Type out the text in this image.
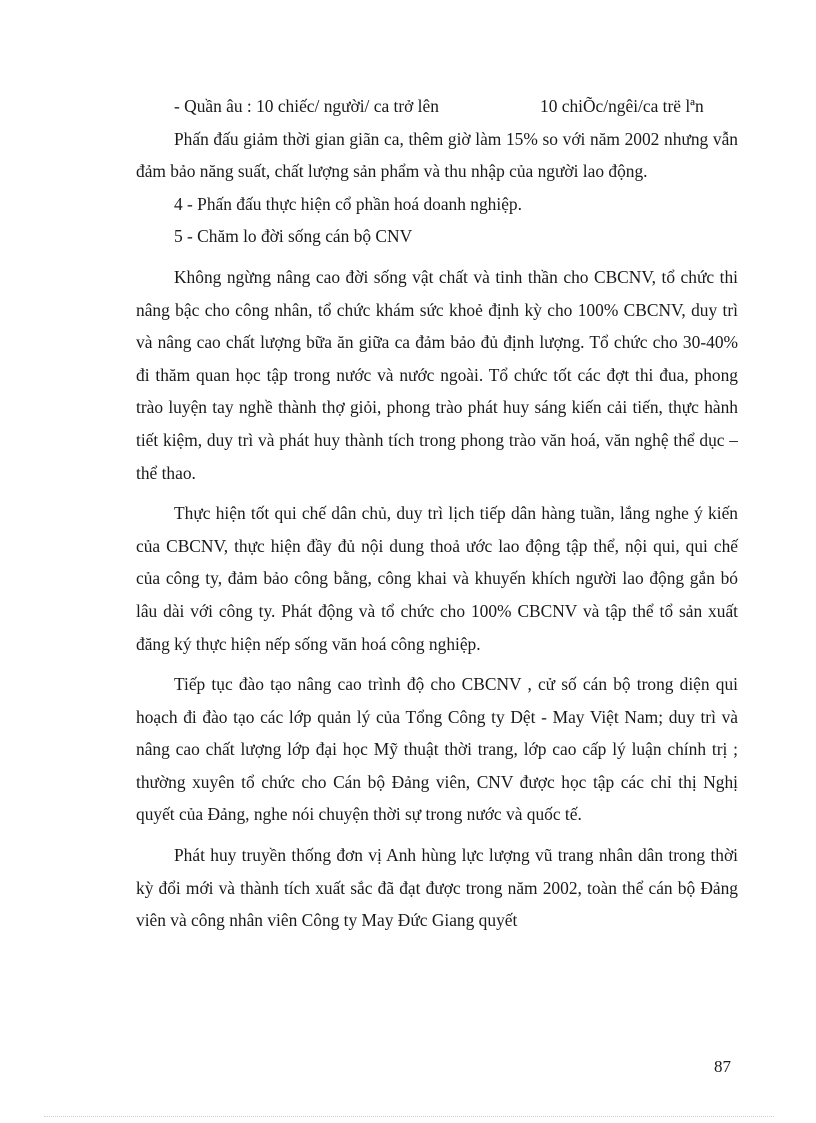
- Quần âu : 10 chiếc/ người/ ca trở lên	10 chiÕc/ngêi/ca trë lªn

Phấn đấu giảm thời gian giãn ca, thêm giờ làm 15% so với năm 2002 nhưng vẫn đảm bảo năng suất, chất lượng sản phẩm và thu nhập của người lao động.

4 - Phấn đấu thực hiện cổ phần hoá doanh nghiệp.

5 - Chăm lo đời sống cán bộ CNV

Không ngừng nâng cao đời sống vật chất và tinh thần cho CBCNV, tổ chức thi nâng bậc cho công nhân, tổ chức khám sức khoẻ định kỳ cho 100% CBCNV, duy trì và nâng cao chất lượng bữa ăn giữa ca đảm bảo đủ định lượng. Tổ chức cho 30-40% đi thăm quan học tập trong nước và nước ngoài. Tổ chức tốt các đợt thi đua, phong trào luyện tay nghề thành thợ giỏi, phong trào phát huy sáng kiến cải tiến, thực hành tiết kiệm, duy trì và phát huy thành tích trong phong trào văn hoá, văn nghệ thể dục – thể thao.

Thực hiện tốt qui chế dân chủ, duy trì lịch tiếp dân hàng tuần, lắng nghe ý kiến của CBCNV, thực hiện đầy đủ nội dung thoả ước lao động tập thể, nội qui, qui chế của công ty, đảm bảo công bằng, công khai và khuyến khích người lao động gắn bó lâu dài với công ty. Phát động và tổ chức cho 100% CBCNV và tập thể tổ sản xuất đăng ký thực hiện nếp sống văn hoá công nghiệp.

Tiếp tục đào tạo nâng cao trình độ cho CBCNV , cử số cán bộ trong diện qui hoạch đi đào tạo các lớp quản lý của Tổng Công ty Dệt - May Việt Nam; duy trì và nâng cao chất lượng lớp đại học Mỹ thuật thời trang, lớp cao cấp lý luận chính trị ; thường xuyên tổ chức cho Cán bộ Đảng viên, CNV được học tập các chỉ thị Nghị quyết của Đảng, nghe nói chuyện thời sự trong nước và quốc tế.

Phát huy truyền thống đơn vị Anh hùng lực lượng vũ trang nhân dân trong thời kỳ đổi mới và thành tích xuất sắc đã đạt được trong năm 2002, toàn thể cán bộ Đảng viên và công nhân viên Công ty May Đức Giang quyết

87
